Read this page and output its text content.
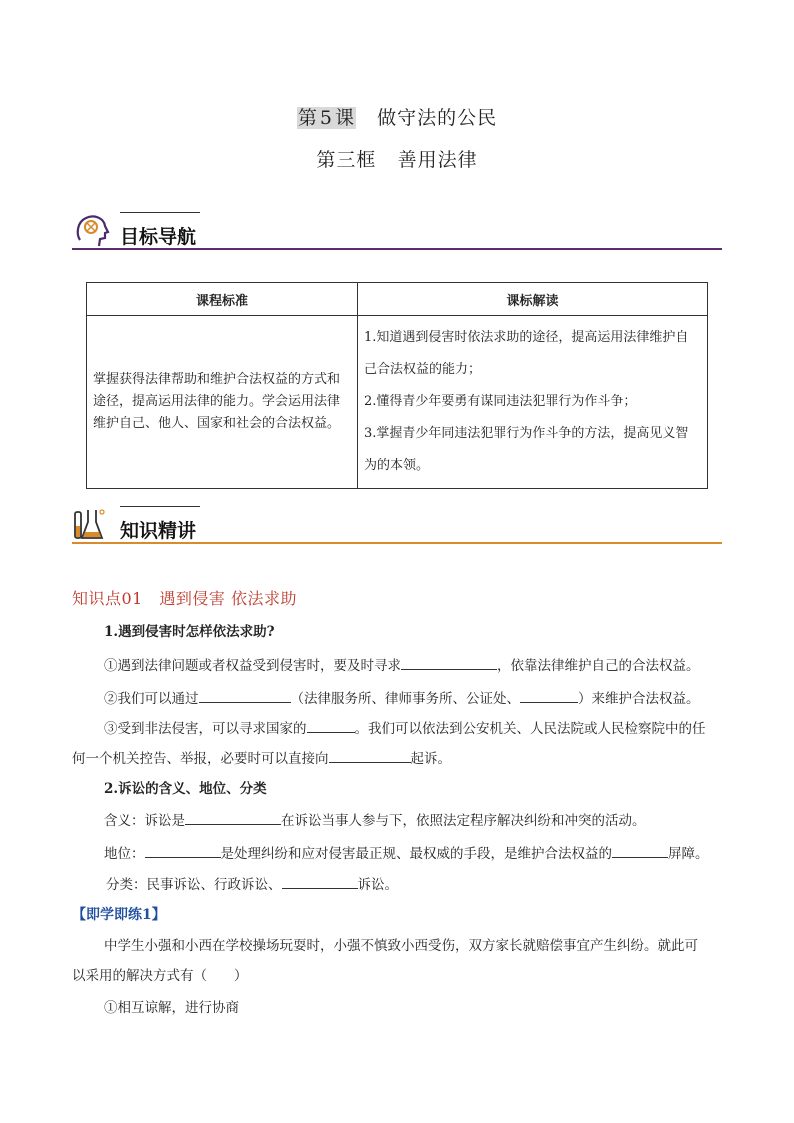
第 5 课 做守法的公民
第三框 善用法律
目标导航
课程标准	课标解读
掌握获得法律帮助和维护合法权益的方式和途径，提高运用法律的能力。学会运用法律维护自己、他人、国家和社会的合法权益。	1.知道遇到侵害时依法求助的途径，提高运用法律维护自己合法权益的能力；

2.懂得青少年要勇有谋同违法犯罪行为作斗争；

3.掌握青少年同违法犯罪行为作斗争的方法，提高见义智为的本领。

知识精讲
知识点01　遇到侵害 依法求助
1.遇到侵害时怎样依法求助?
①遇到法律问题或者权益受到侵害时，要及时寻求	，依靠法律维护自己的合法权益。
②我们可以通过	（法律服务所、律师事务所、公证处、	）来维护合法权益。
③受到非法侵害，可以寻求国家的	。我们可以依法到公安机关、人民法院或人民检察院中的任
何一个机关控告、举报，必要时可以直接向	起诉。
2.诉讼的含义、地位、分类
含义：诉讼是	在诉讼当事人参与下，依照法定程序解决纠纷和冲突的活动。
地位：	是处理纠纷和应对侵害最正规、最权威的手段，是维护合法权益的	屏障。
分类：民事诉讼、行政诉讼、	诉讼。
【即学即练1】
中学生小强和小西在学校操场玩耍时，小强不慎致小西受伤，双方家长就赔偿事宜产生纠纷。就此可
以采用的解决方式有（　　）
①相互谅解，进行协商
